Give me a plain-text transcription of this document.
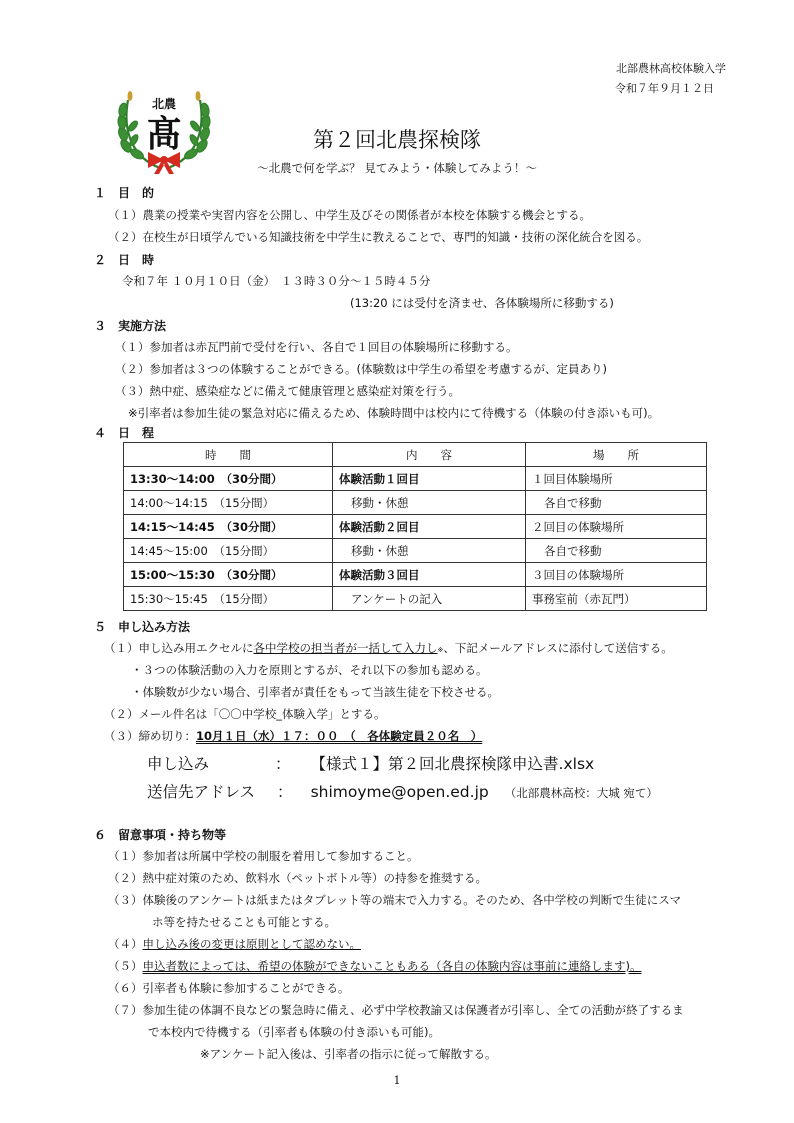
北部農林高校体験入学
令和７年９月１２日
北農
髙	第２回北農探検隊
～北農で何を学ぶ？ 見てみよう・体験してみよう！～
１　目　的
（１）農業の授業や実習内容を公開し、中学生及びその関係者が本校を体験する機会とする。
（２）在校生が日頃学んでいる知識技術を中学生に教えることで、専門的知識・技術の深化統合を図る。
２　日　時
令和７年 １０月１０日（金）　１３時３０分～１５時４５分
(13:20 には受付を済ませ、各体験場所に移動する)
３　実施方法
（１）参加者は赤瓦門前で受付を行い、各自で１回目の体験場所に移動する。
（２）参加者は３つの体験することができる。(体験数は中学生の希望を考慮するが、定員あり)
（３）熱中症、感染症などに備えて健康管理と感染症対策を行う。
※引率者は参加生徒の緊急対応に備えるため、体験時間中は校内にて待機する（体験の付き添いも可)。
４　日　程
時　　間	内　　容	場　　所
13:30～14:00　（30分間）	体験活動１回目	１回目体験場所
14:00～14:15　（15分間）	移動・休憩	各自で移動
14:15～14:45　（30分間）	体験活動２回目	２回目の体験場所
14:45～15:00　（15分間）	移動・休憩	各自で移動
15:00～15:30　（30分間）	体験活動３回目	３回目の体験場所
15:30～15:45　（15分間）	アンケートの記入	事務室前（赤瓦門）
５　申し込み方法
（１）申し込み用エクセルに各中学校の担当者が一括して入力し※、下記メールアドレスに添付して送信する。
・３つの体験活動の入力を原則とするが、それ以下の参加も認める。
・体験数が少ない場合、引率者が責任をもって当該生徒を下校させる。
（２）メール件名は「〇〇中学校_体験入学」とする。
（３）締め切り：10月１日（水）１７：００　（　各体験定員２０名　）
申し込み	： 【様式１】第２回北農探検隊申込書.xlsx
送信先アドレス ： shimoyme@open.ed.jp （北部農林高校：大城 宛て）
６　留意事項・持ち物等
（１）参加者は所属中学校の制服を着用して参加すること。
（２）熱中症対策のため、飲料水（ペットボトル等）の持参を推奨する。
（３）体験後のアンケートは紙またはタブレット等の端末で入力する。そのため、各中学校の判断で生徒にスマ
ホ等を持たせることも可能とする。
（４）申し込み後の変更は原則として認めない。
（５）申込者数によっては、希望の体験ができないこともある（各自の体験内容は事前に連絡します)。
（６）引率者も体験に参加することができる。
（７）参加生徒の体調不良などの緊急時に備え、必ず中学校教諭又は保護者が引率し、全ての活動が終了するま
で本校内で待機する（引率者も体験の付き添いも可能)。
※アンケート記入後は、引率者の指示に従って解散する。
1
